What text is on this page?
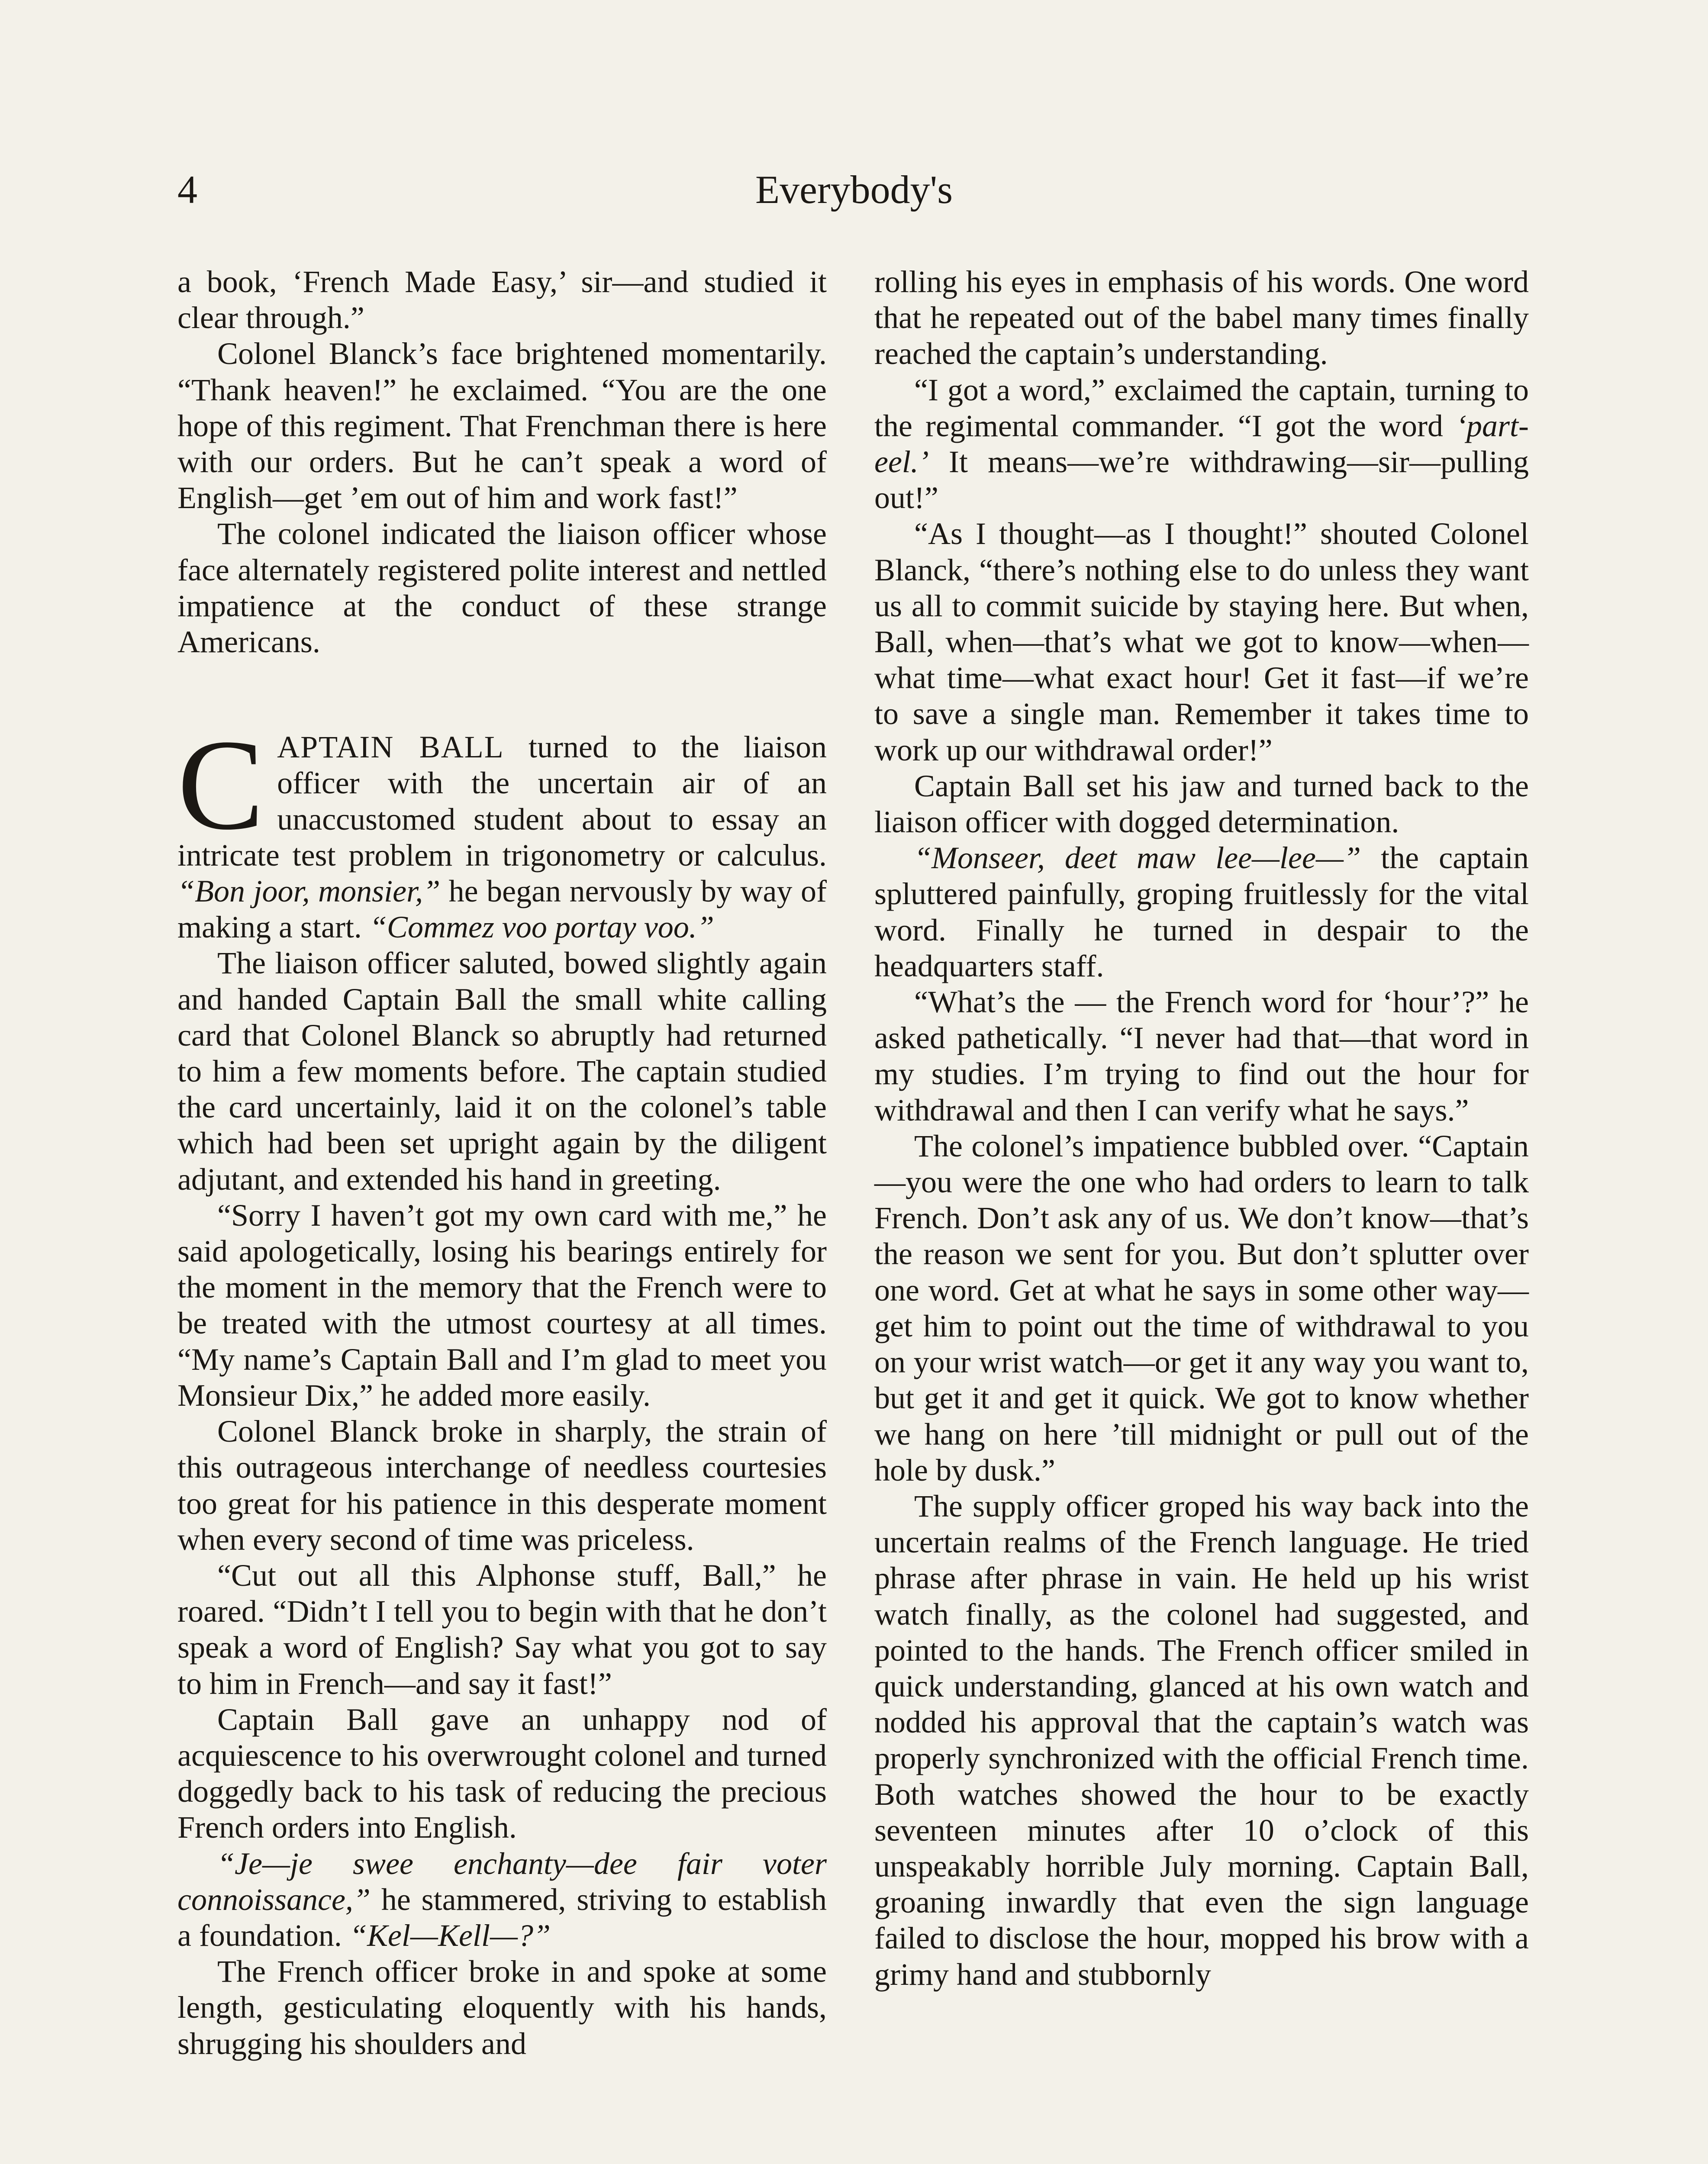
4	Everybody's

a book, ‘French Made Easy,’ sir—and studied it clear through.”

Colonel Blanck’s face brightened momentarily. “Thank heaven!” he exclaimed. “You are the one hope of this regiment. That Frenchman there is here with our orders. But he can’t speak a word of English—get ’em out of him and work fast!”

The colonel indicated the liaison officer whose face alternately registered polite interest and nettled impatience at the conduct of these strange Americans.

CAPTAIN BALL turned to the liaison officer with the uncertain air of an unaccustomed student about to essay an intricate test problem in trigonometry or calculus. “Bon joor, monsier,” he began nervously by way of making a start. “Commez voo portay voo.”

The liaison officer saluted, bowed slightly again and handed Captain Ball the small white calling card that Colonel Blanck so abruptly had returned to him a few moments before. The captain studied the card uncertainly, laid it on the colonel’s table which had been set upright again by the diligent adjutant, and extended his hand in greeting.

“Sorry I haven’t got my own card with me,” he said apologetically, losing his bearings entirely for the moment in the memory that the French were to be treated with the utmost courtesy at all times. “My name’s Captain Ball and I’m glad to meet you Monsieur Dix,” he added more easily.

Colonel Blanck broke in sharply, the strain of this outrageous interchange of needless courtesies too great for his patience in this desperate moment when every second of time was priceless.

“Cut out all this Alphonse stuff, Ball,” he roared. “Didn’t I tell you to begin with that he don’t speak a word of English? Say what you got to say to him in French—and say it fast!”

Captain Ball gave an unhappy nod of acquiescence to his overwrought colonel and turned doggedly back to his task of reducing the precious French orders into English.

“Je—je swee enchanty—dee fair voter connoissance,” he stammered, striving to establish a foundation. “Kel—Kell—?”

The French officer broke in and spoke at some length, gesticulating eloquently with his hands, shrugging his shoulders and

rolling his eyes in emphasis of his words. One word that he repeated out of the babel many times finally reached the captain’s understanding.

“I got a word,” exclaimed the captain, turning to the regimental commander. “I got the word ‘part-eel.’ It means—we’re withdrawing—sir—pulling out!”

“As I thought—as I thought!” shouted Colonel Blanck, “there’s nothing else to do unless they want us all to commit suicide by staying here. But when, Ball, when—that’s what we got to know—when—what time—what exact hour! Get it fast—if we’re to save a single man. Remember it takes time to work up our withdrawal order!”

Captain Ball set his jaw and turned back to the liaison officer with dogged determination.

“Monseer, deet maw lee—lee—” the captain spluttered painfully, groping fruitlessly for the vital word. Finally he turned in despair to the headquarters staff.

“What’s the — the French word for ‘hour’?” he asked pathetically. “I never had that—that word in my studies. I’m trying to find out the hour for withdrawal and then I can verify what he says.”

The colonel’s impatience bubbled over. “Captain—you were the one who had orders to learn to talk French. Don’t ask any of us. We don’t know—that’s the reason we sent for you. But don’t splutter over one word. Get at what he says in some other way—get him to point out the time of withdrawal to you on your wrist watch—or get it any way you want to, but get it and get it quick. We got to know whether we hang on here ’till midnight or pull out of the hole by dusk.”

The supply officer groped his way back into the uncertain realms of the French language. He tried phrase after phrase in vain. He held up his wrist watch finally, as the colonel had suggested, and pointed to the hands. The French officer smiled in quick understanding, glanced at his own watch and nodded his approval that the captain’s watch was properly synchronized with the official French time. Both watches showed the hour to be exactly seventeen minutes after 10 o’clock of this unspeakably horrible July morning. Captain Ball, groaning inwardly that even the sign language failed to disclose the hour, mopped his brow with a grimy hand and stubbornly
